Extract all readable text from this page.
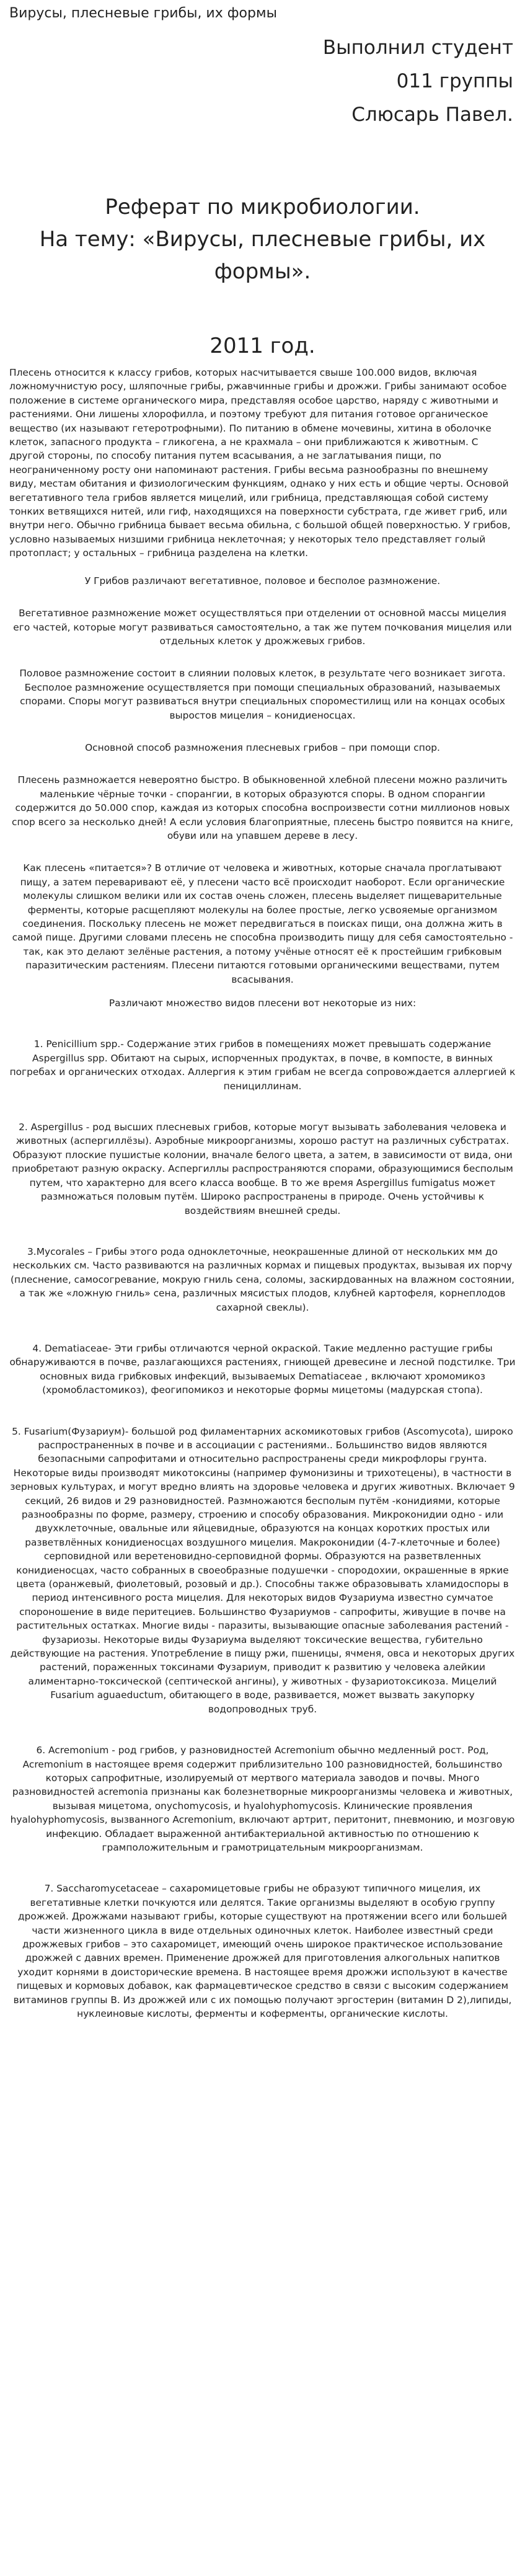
Вирусы, плесневые грибы, их формы
Выполнил студент
011 группы
Слюсарь Павел.
Реферат по микробиологии.
На тему: «Вирусы, плесневые грибы, их формы».
2011 год.

Плесень относится к классу грибов, которых насчитывается свыше 100.000 видов, включая ложномучнистую росу, шляпочные грибы, ржавчинные грибы и дрожжи. Грибы занимают особое положение в системе органического мира, представляя особое царство, наряду с животными и растениями. Они лишены хлорофилла, и поэтому требуют для питания готовое органическое вещество (их называют гетеротрофными). По питанию в обмене мочевины, хитина в оболочке клеток, запасного продукта – гликогена, а не крахмала – они приближаются к животным. С другой стороны, по способу питания путем всасывания, а не заглатывания пищи, по неограниченному росту они напоминают растения. Грибы весьма разнообразны по внешнему виду, местам обитания и физиологическим функциям, однако у них есть и общие черты. Основой вегетативного тела грибов является мицелий, или грибница, представляющая собой систему тонких ветвящихся нитей, или гиф, находящихся на поверхности субстрата, где живет гриб, или внутри него. Обычно грибница бывает весьма обильна, с большой общей поверхностью. У грибов, условно называемых низшими грибница неклеточная; у некоторых тело представляет голый протопласт; у остальных – грибница разделена на клетки.

У Грибов различают вегетативное, половое и бесполое размножение.

Вегетативное размножение может осуществляться при отделении от основной массы мицелия его частей, которые могут развиваться самостоятельно, а так же путем почкования мицелия или отдельных клеток у дрожжевых грибов.

Половое размножение состоит в слиянии половых клеток, в результате чего возникает зигота. Бесполое размножение осуществляется при помощи специальных образований, называемых спорами. Споры могут развиваться внутри специальных спороместилищ или на концах особых выростов мицелия – конидиеносцах.

Основной способ размножения плесневых грибов – при помощи спор.

Плесень размножается невероятно быстро. В обыкновенной хлебной плесени можно различить маленькие чёрные точки - спорангии, в которых образуются споры. В одном спорангии содержится до 50.000 спор, каждая из которых способна воспроизвести сотни миллионов новых спор всего за несколько дней! А если условия благоприятные, плесень быстро появится на книге, обуви или на упавшем дереве в лесу.

Как плесень «питается»? В отличие от человека и животных, которые сначала проглатывают пищу, а затем переваривают её, у плесени часто всё происходит наоборот. Если органические молекулы слишком велики или их состав очень сложен, плесень выделяет пищеварительные ферменты, которые расщепляют молекулы на более простые, легко усвояемые организмом соединения. Поскольку плесень не может передвигаться в поисках пищи, она должна жить в самой пище. Другими словами плесень не способна производить пищу для себя самостоятельно - так, как это делают зелёные растения, а потому учёные относят её к простейшим грибковым паразитическим растениям. Плесени питаются готовыми органическими веществами, путем всасывания.

Различают множество видов плесени вот некоторые из них:

1. Penicillium spp.- Содержание этих грибов в помещениях может превышать содержание Aspergillus spp. Обитают на сырых, испорченных продуктах, в почве, в компосте, в винных погребах и органических отходах. Аллергия к этим грибам не всегда сопровождается аллергией к пенициллинам.

2. Aspergillus - род высших плесневых грибов, которые могут вызывать заболевания человека и животных (аспергиллёзы). Аэробные микроорганизмы, хорошо растут на различных субстратах. Образуют плоские пушистые колонии, вначале белого цвета, а затем, в зависимости от вида, они приобретают разную окраску. Аспергиллы распространяются спорами, образующимися бесполым путем, что характерно для всего класса вообще. В то же время Aspergillus fumigatus может размножаться половым путём. Широко распространены в природе. Очень устойчивы к воздействиям внешней среды.

3.Mycorales – Грибы этого рода одноклеточные, неокрашенные длиной от нескольких мм до нескольких см. Часто развиваются на различных кормах и пищевых продуктах, вызывая их порчу (плеснение, самосогревание, мокрую гниль сена, соломы, заскирдованных на влажном состоянии, а так же «ложную гниль» сена, различных мясистых плодов, клубней картофеля, корнеплодов сахарной свеклы).

4. Dematiaceae- Эти грибы отличаются черной окраской. Такие медленно растущие грибы обнаруживаются в почве, разлагающихся растениях, гниющей древесине и лесной подстилке. Три основных вида грибковых инфекций, вызываемых Dematiaceae , включают хромомикоз (хромобластомикоз), феогипомикоз и некоторые формы мицетомы (мадурская стопа).

5. Fusarium(Фузариум)- большой род филаментарних аскомикотовых грибов (Ascomycota), широко распространенных в почве и в ассоциации с растениями.. Большинство видов являются безопасными сапрофитами и относительно распространены среди микрофлоры грунта. Некоторые виды производят микотоксины (например фумонизины и трихотецены), в частности в зерновых культурах, и могут вредно влиять на здоровье человека и других животных. Включает 9 секций, 26 видов и 29 разновидностей. Размножаются бесполым путём -конидиями, которые разнообразны по форме, размеру, строению и способу образования. Микроконидии одно - или двухклеточные, овальные или яйцевидные, образуются на концах коротких простых или разветвлённых конидиеносцах воздушного мицелия. Макроконидии (4-7-клеточные и более) серповидной или веретеновидно-серповидной формы. Образуются на разветвленных конидиеносцах, часто собранных в своеобразные подушечки - спородохии, окрашенные в яркие цвета (оранжевый, фиолетовый, розовый и др.). Способны также образовывать хламидоспоры в период интенсивного роста мицелия. Для некоторых видов Фузариума известно сумчатое спороношение в виде перитециев. Большинство Фузариумов - сапрофиты, живущие в почве на растительных остатках. Многие виды - паразиты, вызывающие опасные заболевания растений - фузариозы. Некоторые виды Фузариума выделяют токсические вещества, губительно действующие на растения. Употребление в пищу ржи, пшеницы, ячменя, овса и некоторых других растений, пораженных токсинами Фузариум, приводит к развитию у человека алейкии алиментарно-токсической (септической ангины), у животных - фузариотоксикоза. Мицелий Fusarium aguaeductum, обитающего в воде, развивается, может вызвать закупорку водопроводных труб.

6. Acremonium - род грибов, у разновидностей Acremonium обычно медленный рост. Род, Acremonium в настоящее время содержит приблизительно 100 разновидностей, большинство которых сапрофитные, изолируемый от мертвого материала заводов и почвы. Много разновидностей acremonia признаны как болезнетворные микроорганизмы человека и животных, вызывая мицетома, onychomycosis, и hyalohyphomycosis. Клинические проявления hyalohyphomycosis, вызванного Acremonium, включают артрит, перитонит, пневмонию, и мозговую инфекцию. Обладает выраженной антибактериальной активностью по отношению к грамположительным и грамотрицательным микроорганизмам.

7. Saccharomycetaceae – сахаромицетовые грибы не образуют типичного мицелия, их вегетативные клетки почкуются или делятся. Такие организмы выделяют в особую группу дрожжей. Дрожжами называют грибы, которые существуют на протяжении всего или большей части жизненного цикла в виде отдельных одиночных клеток. Наиболее известный среди дрожжевых грибов – это сахаромицет, имеющий очень широкое практическое использование дрожжей с давних времен. Применение дрожжей для приготовления алкогольных напитков уходит корнями в доисторические времена. В настоящее время дрожжи используют в качестве пищевых и кормовых добавок, как фармацевтическое средство в связи с высоким содержанием витаминов группы В. Из дрожжей или с их помощью получают эргостерин (витамин D 2),липиды, нуклеиновые кислоты, ферменты и коферменты, органические кислоты.
